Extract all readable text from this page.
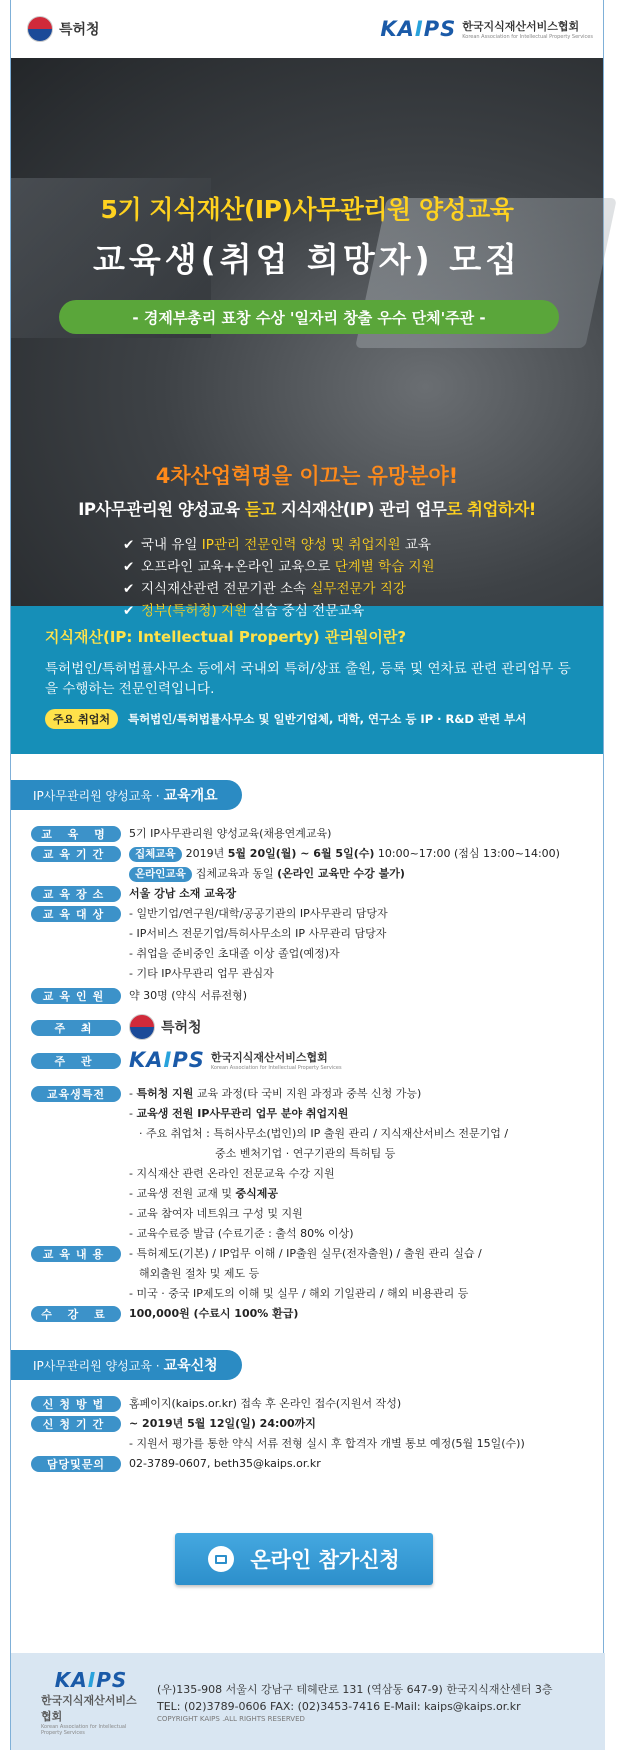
특허청	KAIPS 한국지식재산서비스협회
Korean Association for Intellectual Property Services
5기 지식재산(IP)사무관리원 양성교육
교육생(취업 희망자) 모집
- 경제부총리 표창 수상 '일자리 창출 우수 단체'주관 -
4차산업혁명을 이끄는 유망분야!
IP사무관리원 양성교육 듣고 지식재산(IP) 관리 업무로 취업하자!
✔ 국내 유일 IP관리 전문인력 양성 및 취업지원 교육
✔ 오프라인 교육+온라인 교육으로 단계별 학습 지원
✔ 지식재산관련 전문기관 소속 실무전문가 직강
✔ 정부(특허청) 지원 실습 중심 전문교육
지식재산(IP: Intellectual Property) 관리원이란?
특허법인/특허법률사무소 등에서 국내외 특허/상표 출원, 등록 및 연차료 관련 관리업무 등을 수행하는 전문인력입니다.
주요 취업처	특허법인/특허법률사무소 및 일반기업체, 대학, 연구소 등 IP · R&D 관련 부서
IP사무관리원 양성교육 · 교육개요
교 육 명	5기 IP사무관리원 양성교육(채용연계교육)
교육기간	집체교육 2019년 5월 20일(월) ~ 6월 5일(수) 10:00~17:00 (점심 13:00~14:00)
온라인교육 집체교육과 동일 (온라인 교육만 수강 불가)
교육장소	서울 강남 소재 교육장
교육대상	- 일반기업/연구원/대학/공공기관의 IP사무관리 담당자
- IP서비스 전문기업/특허사무소의 IP 사무관리 담당자
- 취업을 준비중인 초대졸 이상 졸업(예정)자
- 기타 IP사무관리 업무 관심자
교육인원	약 30명 (약식 서류전형)
주 최	특허청
주 관	KAIPS 한국지식재산서비스협회
Korean Association for Intellectual Property Services
교육생특전	- 특허청 지원 교육 과정(타 국비 지원 과정과 중복 신청 가능)
- 교육생 전원 IP사무관리 업무 분야 취업지원
· 주요 취업처 : 특허사무소(법인)의 IP 출원 관리 / 지식재산서비스 전문기업 /
중소 벤처기업 · 연구기관의 특허팀 등
- 지식재산 관련 온라인 전문교육 수강 지원
- 교육생 전원 교재 및 중식제공
- 교육 참여자 네트워크 구성 및 지원
- 교육수료증 발급 (수료기준 : 출석 80% 이상)
교육내용	- 특허제도(기본) / IP업무 이해 / IP출원 실무(전자출원) / 출원 관리 실습 /
해외출원 절차 및 제도 등
- 미국 · 중국 IP제도의 이해 및 실무 / 해외 기일관리 / 해외 비용관리 등
수 강 료	100,000원 (수료시 100% 환급)
IP사무관리원 양성교육 · 교육신청
신청방법	홈페이지(kaips.or.kr) 접속 후 온라인 접수(지원서 작성)
신청기간	~ 2019년 5월 12일(일) 24:00까지
- 지원서 평가를 통한 약식 서류 전형 실시 후 합격자 개별 통보 예정(5월 15일(수))
담당및문의	02-3789-0607, beth35@kaips.or.kr
온라인 참가신청
KAIPS
한국지식재산서비스협회
Korean Association for Intellectual Property Services
(우)135-908 서울시 강남구 테헤란로 131 (역삼동 647-9) 한국지식재산센터 3층
TEL: (02)3789-0606 FAX: (02)3453-7416 E-Mail: kaips@kaips.or.kr
COPYRIGHT KAIPS .ALL RIGHTS RESERVED
